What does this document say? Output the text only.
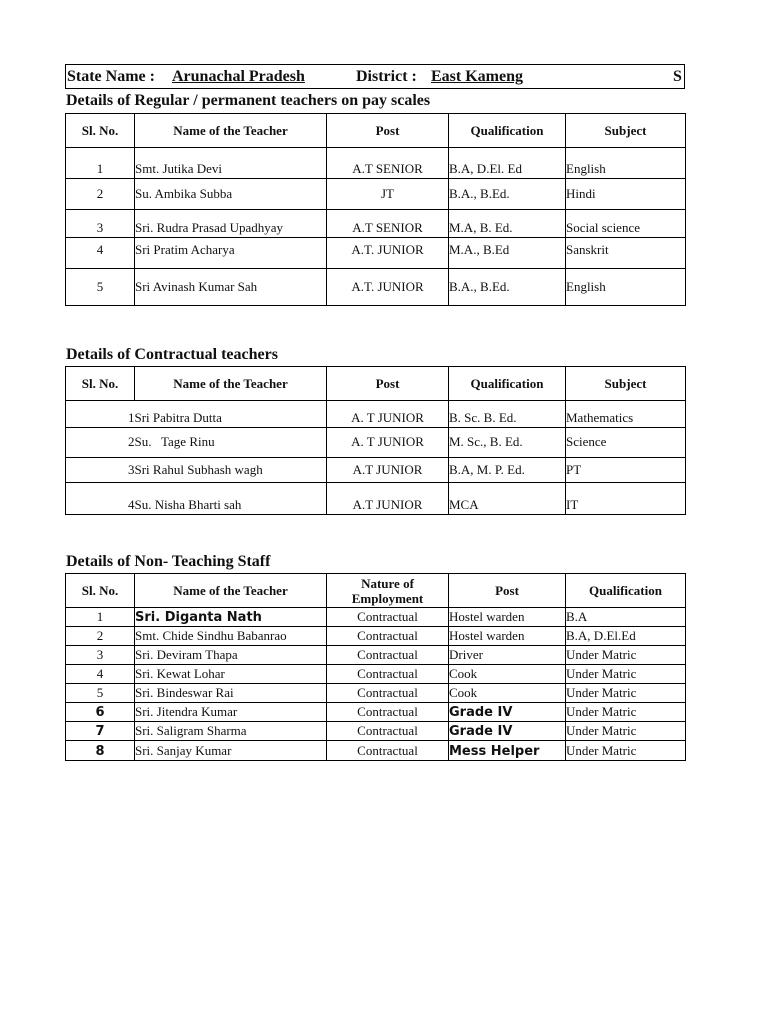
State Name : Arunachal Pradesh	District : East Kameng	S
Details of Regular / permanent teachers on pay scales
Sl. No.	Name of the Teacher	Post	Qualification	Subject
1	Smt. Jutika Devi	A.T SENIOR	B.A, D.El. Ed	English
2	Su. Ambika Subba	JT	B.A., B.Ed.	Hindi
3	Sri. Rudra Prasad Upadhyay	A.T SENIOR	M.A, B. Ed.	Social science
4	Sri Pratim Acharya	A.T. JUNIOR	M.A., B.Ed	Sanskrit
5	Sri Avinash Kumar Sah	A.T. JUNIOR	B.A., B.Ed.	English
Details of Contractual teachers
Sl. No.	Name of the Teacher	Post	Qualification	Subject
1	Sri Pabitra Dutta	A. T JUNIOR	B. Sc. B. Ed.	Mathematics
2	Su.   Tage Rinu	A. T JUNIOR	M. Sc., B. Ed.	Science
3	Sri Rahul Subhash wagh	A.T JUNIOR	B.A, M. P. Ed.	PT
4	Su. Nisha Bharti sah	A.T JUNIOR	MCA	IT
Details of Non- Teaching Staff
Sl. No.	Name of the Teacher	Nature of Employment	Post	Qualification
1	Sri. Diganta Nath	Contractual	Hostel warden	B.A
2	Smt. Chide Sindhu Babanrao	Contractual	Hostel warden	B.A, D.El.Ed
3	Sri. Deviram Thapa	Contractual	Driver	Under Matric
4	Sri. Kewat Lohar	Contractual	Cook	Under Matric
5	Sri. Bindeswar Rai	Contractual	Cook	Under Matric
6	Sri. Jitendra Kumar	Contractual	Grade IV	Under Matric
7	Sri. Saligram Sharma	Contractual	Grade IV	Under Matric
8	Sri. Sanjay Kumar	Contractual	Mess Helper	Under Matric
